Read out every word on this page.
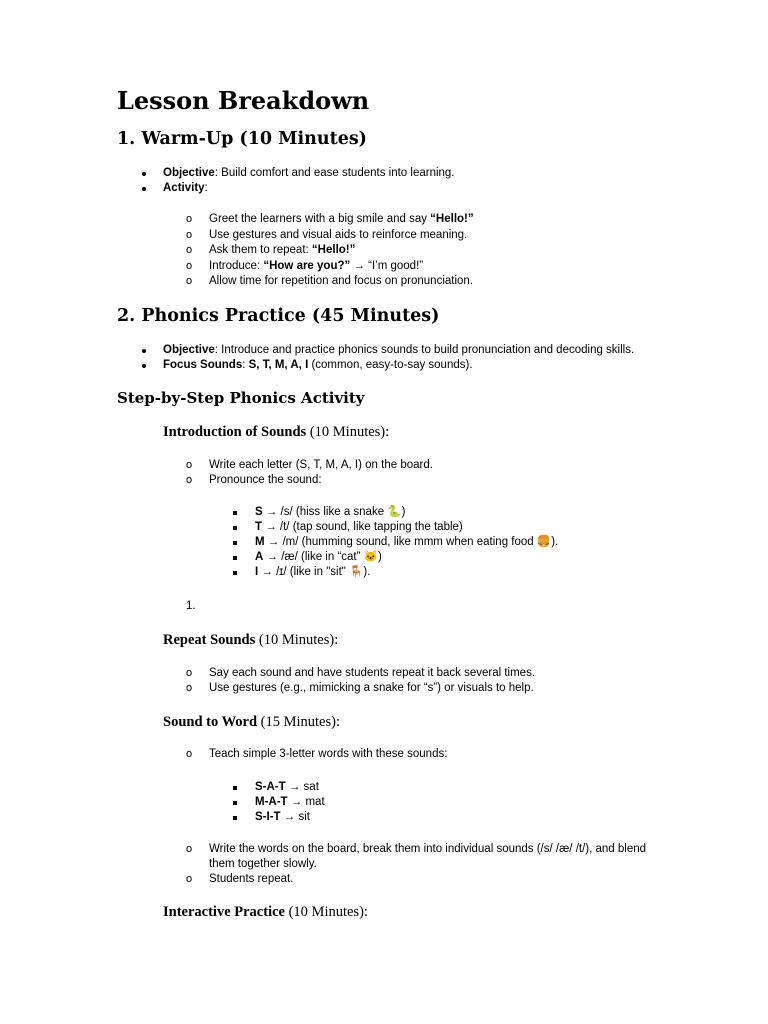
Lesson Breakdown
1. Warm-Up (10 Minutes)
Objective: Build comfort and ease students into learning.
Activity:
o Greet the learners with a big smile and say “Hello!”
o Use gestures and visual aids to reinforce meaning.
o Ask them to repeat: “Hello!”
o Introduce: “How are you?” → “I’m good!”
o Allow time for repetition and focus on pronunciation.
2. Phonics Practice (45 Minutes)
Objective: Introduce and practice phonics sounds to build pronunciation and decoding skills.
Focus Sounds: S, T, M, A, I (common, easy-to-say sounds).
Step-by-Step Phonics Activity
Introduction of Sounds (10 Minutes):
o Write each letter (S, T, M, A, I) on the board.
o Pronounce the sound:
S → /s/ (hiss like a snake 🐍)
T → /t/ (tap sound, like tapping the table)
M → /m/ (humming sound, like mmm when eating food 🍔).
A → /æ/ (like in “cat” 🐱)
I → /ɪ/ (like in "sit" 🪑).
1.
Repeat Sounds (10 Minutes):
o Say each sound and have students repeat it back several times.
o Use gestures (e.g., mimicking a snake for “s”) or visuals to help.
Sound to Word (15 Minutes):
o Teach simple 3-letter words with these sounds:
S-A-T → sat
M-A-T → mat
S-I-T → sit
o Write the words on the board, break them into individual sounds (/s/ /æ/ /t/), and blend them together slowly.
o Students repeat.
Interactive Practice (10 Minutes):
